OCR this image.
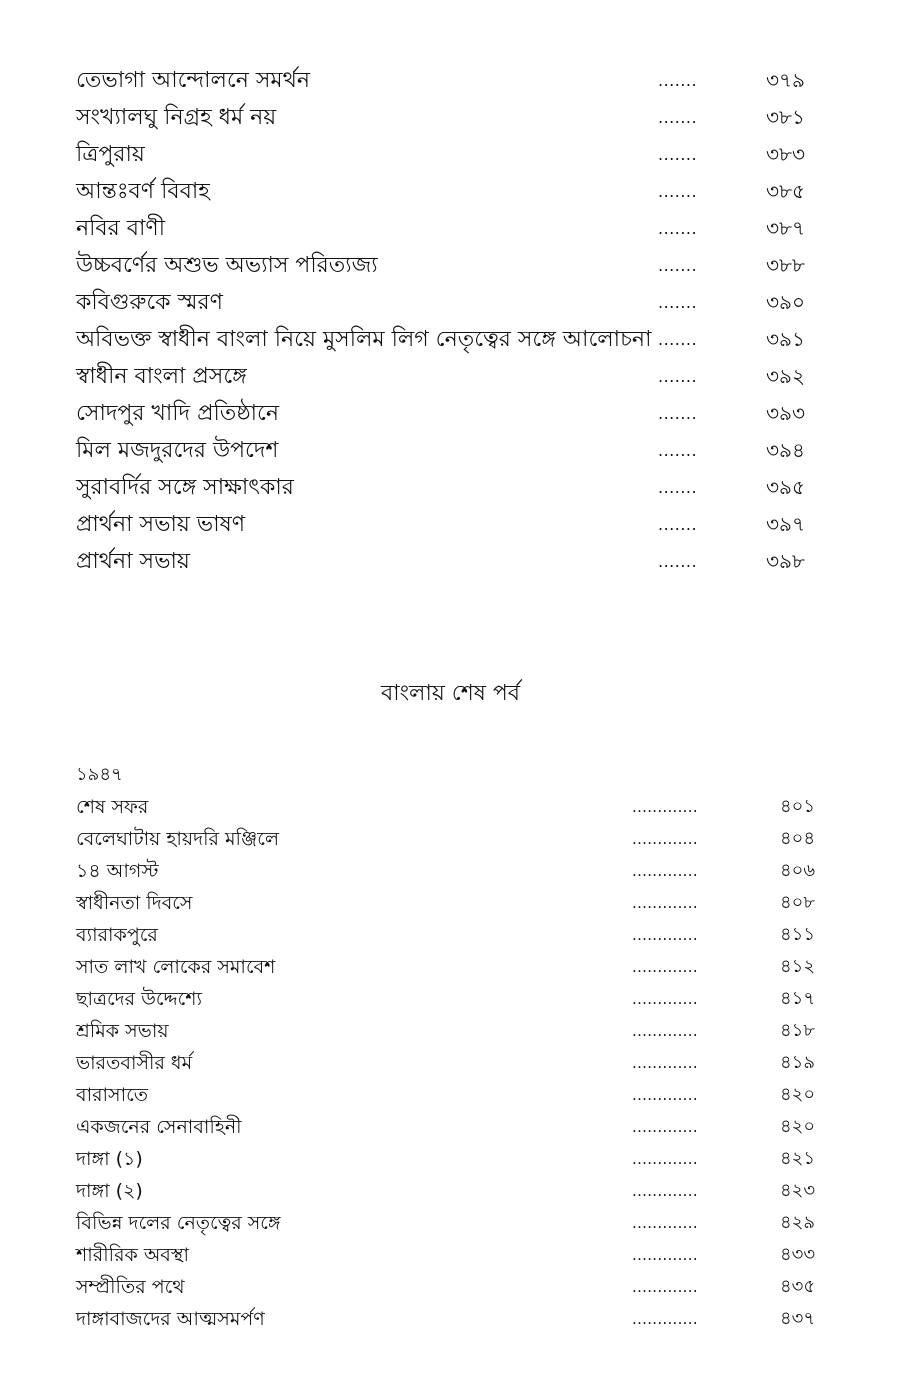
তেভাগা আন্দোলনে সমর্থন	.......	৩৭৯
সংখ্যালঘু নিগ্রহ ধর্ম নয়	.......	৩৮১
ত্রিপুরায়	.......	৩৮৩
আন্তঃবর্ণ বিবাহ	.......	৩৮৫
নবির বাণী	.......	৩৮৭
উচ্চবর্ণের অশুভ অভ্যাস পরিত্যজ্য	.......	৩৮৮
কবিগুরুকে স্মরণ	.......	৩৯০
অবিভক্ত স্বাধীন বাংলা নিয়ে মুসলিম লিগ নেতৃত্বের সঙ্গে আলোচনা .......	৩৯১
স্বাধীন বাংলা প্রসঙ্গে	.......	৩৯২
সোদপুর খাদি প্রতিষ্ঠানে	.......	৩৯৩
মিল মজদুরদের উপদেশ	.......	৩৯৪
সুরাবর্দির সঙ্গে সাক্ষাৎকার	.......	৩৯৫
প্রার্থনা সভায় ভাষণ	.......	৩৯৭
প্রার্থনা সভায়	.......	৩৯৮
বাংলায় শেষ পর্ব
১৯৪৭
শেষ সফর	.............	৪০১
বেলেঘাটায় হায়দরি মঞ্জিলে	.............	৪০৪
১৪ আগস্ট	.............	৪০৬
স্বাধীনতা দিবসে	.............	৪০৮
ব্যারাকপুরে	.............	৪১১
সাত লাখ লোকের সমাবেশ	.............	৪১২
ছাত্রদের উদ্দেশ্যে	.............	৪১৭
শ্রমিক সভায়	.............	৪১৮
ভারতবাসীর ধর্ম	.............	৪১৯
বারাসাতে	.............	৪২০
একজনের সেনাবাহিনী	.............	৪২০
দাঙ্গা (১)	.............	৪২১
দাঙ্গা (২)	.............	৪২৩
বিভিন্ন দলের নেতৃত্বের সঙ্গে	.............	৪২৯
শারীরিক অবস্থা	.............	৪৩৩
সম্প্রীতির পথে	.............	৪৩৫
দাঙ্গাবাজদের আত্মসমর্পণ	.............	৪৩৭
